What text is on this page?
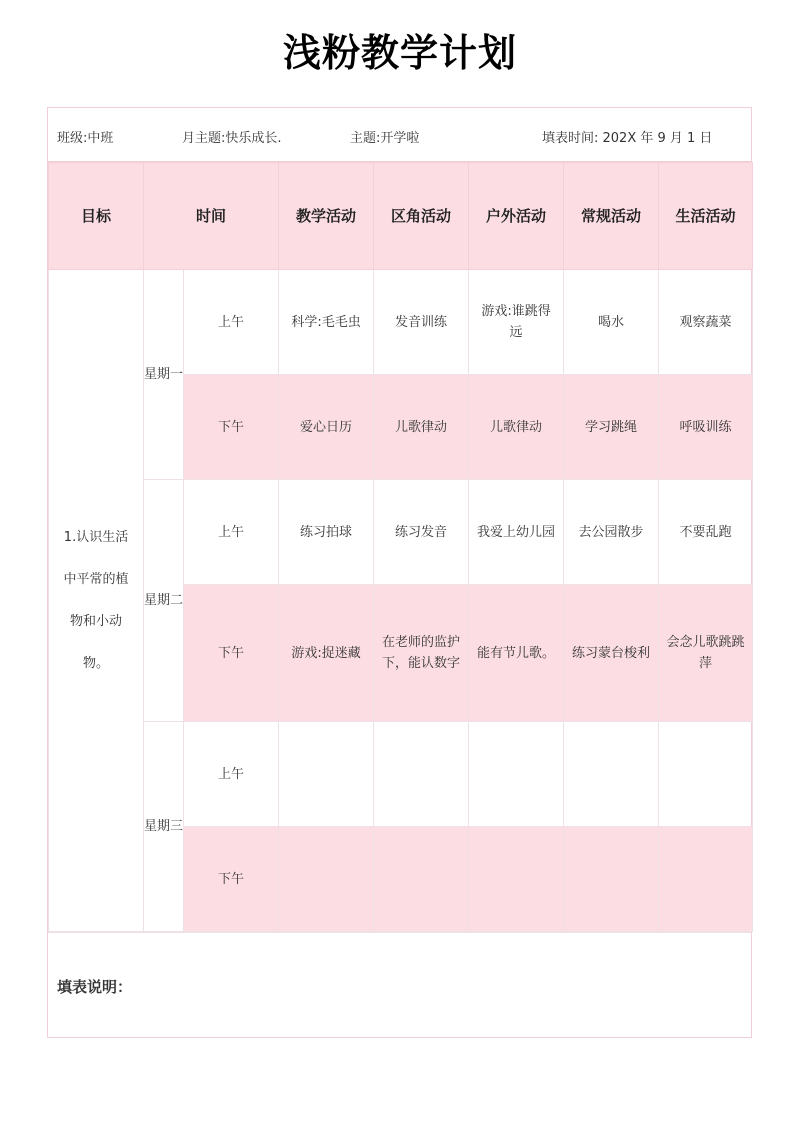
浅粉教学计划
班级:中班	月主题:快乐成长.	主题:开学啦	填表时间: 202X 年 9 月 1 日
目标	时间		教学活动	区角活动	户外活动	常规活动	生活活动
1.认识生活中平常的植物和小动物。	星期一	上午	科学:毛毛虫	发音训练	游戏:谁跳得远	喝水	观察蔬菜
		下午	爱心日历	儿歌律动	儿歌律动	学习跳绳	呼吸训练
	星期二	上午	练习拍球	练习发音	我爱上幼儿园	去公园散步	不要乱跑
		下午	游戏:捉迷藏	在老师的监护下，能认数字	能有节儿歌。	练习蒙台梭利	会念儿歌跳跳萍
	星期三	上午					
		下午					
填表说明：
